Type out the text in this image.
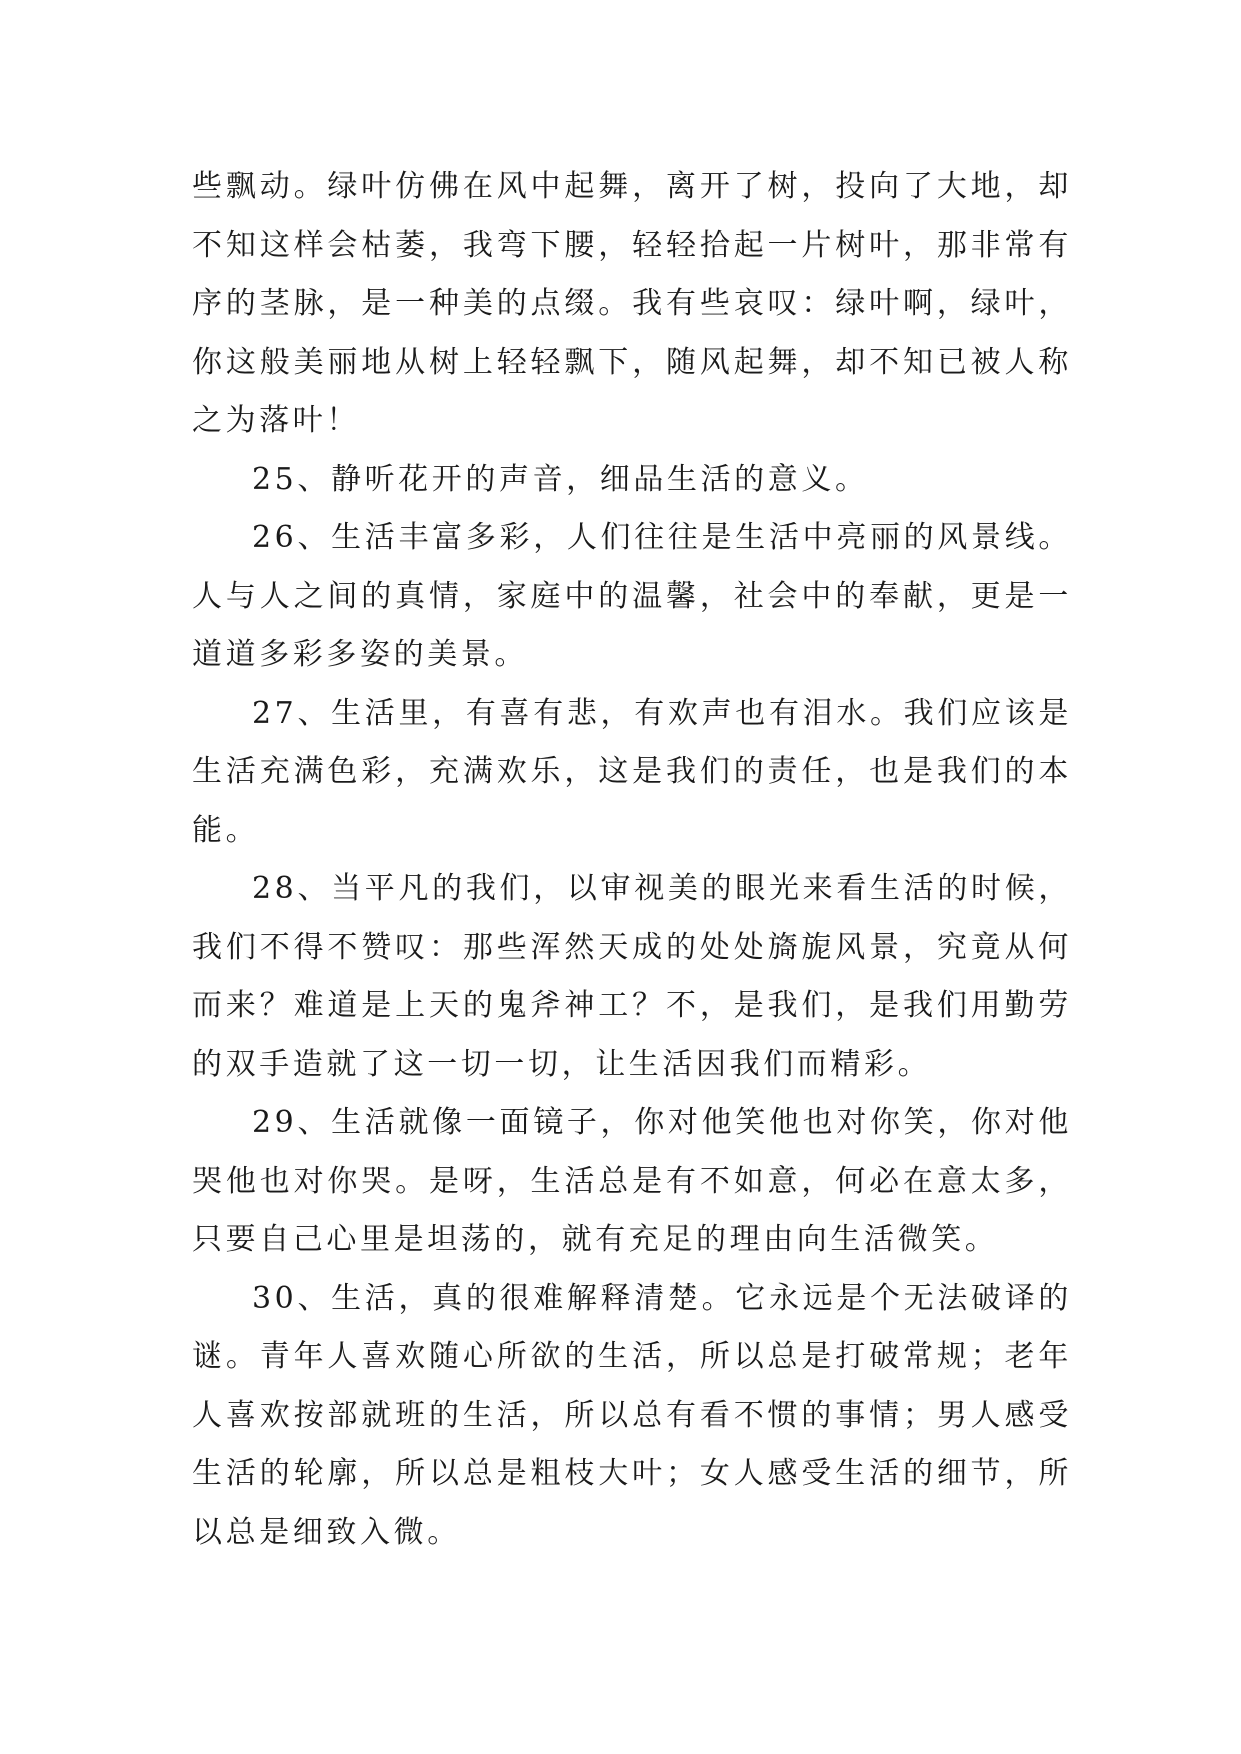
些飘动。绿叶仿佛在风中起舞，离开了树，投向了大地，却不知这样会枯萎，我弯下腰，轻轻拾起一片树叶，那非常有序的茎脉，是一种美的点缀。我有些哀叹：绿叶啊，绿叶，你这般美丽地从树上轻轻飘下，随风起舞，却不知已被人称之为落叶！

25、静听花开的声音，细品生活的意义。

26、生活丰富多彩，人们往往是生活中亮丽的风景线。人与人之间的真情，家庭中的温馨，社会中的奉献，更是一道道多彩多姿的美景。

27、生活里，有喜有悲，有欢声也有泪水。我们应该是生活充满色彩，充满欢乐，这是我们的责任，也是我们的本能。

28、当平凡的我们，以审视美的眼光来看生活的时候，我们不得不赞叹：那些浑然天成的处处旖旎风景，究竟从何而来？难道是上天的鬼斧神工？不，是我们，是我们用勤劳的双手造就了这一切一切，让生活因我们而精彩。

29、生活就像一面镜子，你对他笑他也对你笑，你对他哭他也对你哭。是呀，生活总是有不如意，何必在意太多，只要自己心里是坦荡的，就有充足的理由向生活微笑。

30、生活，真的很难解释清楚。它永远是个无法破译的谜。青年人喜欢随心所欲的生活，所以总是打破常规；老年人喜欢按部就班的生活，所以总有看不惯的事情；男人感受生活的轮廓，所以总是粗枝大叶；女人感受生活的细节，所以总是细致入微。
